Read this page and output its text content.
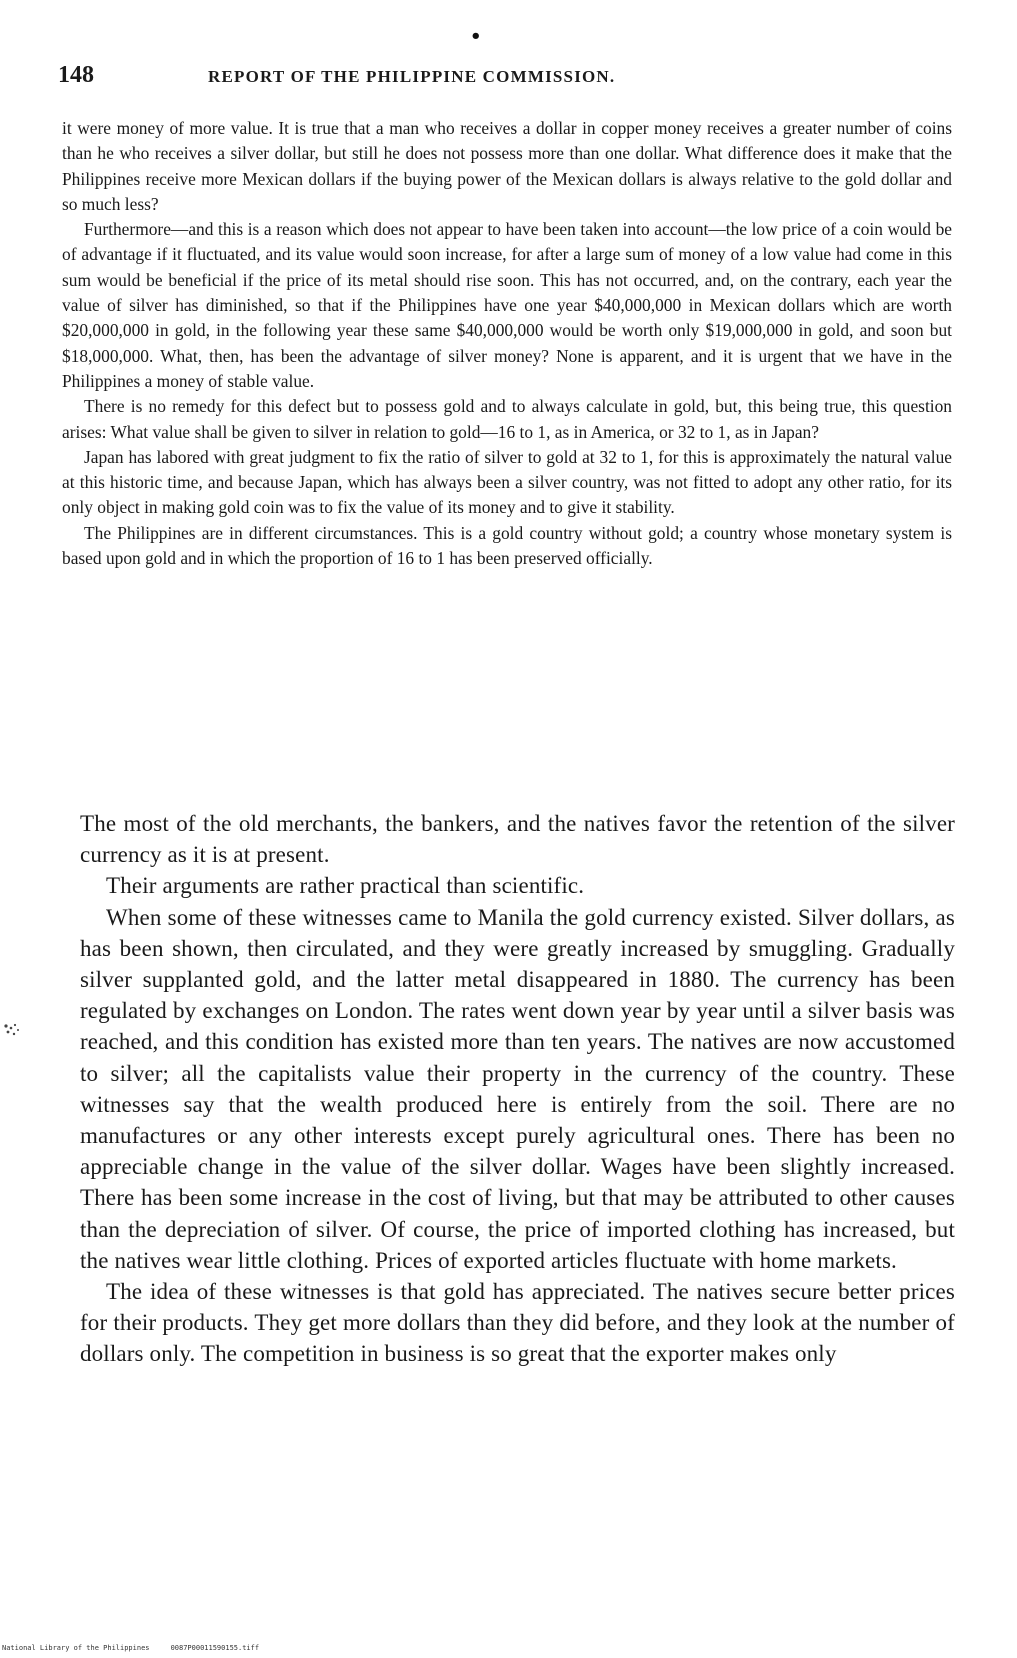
•
148	REPORT OF THE PHILIPPINE COMMISSION.

it were money of more value. It is true that a man who receives a dollar in copper money receives a greater number of coins than he who receives a silver dollar, but still he does not possess more than one dollar. What difference does it make that the Philippines receive more Mexican dollars if the buying power of the Mexican dollars is always relative to the gold dollar and so much less?

Furthermore—and this is a reason which does not appear to have been taken into account—the low price of a coin would be of advantage if it fluctuated, and its value would soon increase, for after a large sum of money of a low value had come in this sum would be beneficial if the price of its metal should rise soon. This has not occurred, and, on the contrary, each year the value of silver has diminished, so that if the Philippines have one year $40,000,000 in Mexican dollars which are worth $20,000,000 in gold, in the following year these same $40,000,000 would be worth only $19,000,000 in gold, and soon but $18,000,000. What, then, has been the advantage of silver money? None is apparent, and it is urgent that we have in the Philippines a money of stable value.

There is no remedy for this defect but to possess gold and to always calculate in gold, but, this being true, this question arises: What value shall be given to silver in relation to gold—16 to 1, as in America, or 32 to 1, as in Japan?

Japan has labored with great judgment to fix the ratio of silver to gold at 32 to 1, for this is approximately the natural value at this historic time, and because Japan, which has always been a silver country, was not fitted to adopt any other ratio, for its only object in making gold coin was to fix the value of its money and to give it stability.

The Philippines are in different circumstances. This is a gold country without gold; a country whose monetary system is based upon gold and in which the proportion of 16 to 1 has been preserved officially.

The most of the old merchants, the bankers, and the natives favor the retention of the silver currency as it is at present.

Their arguments are rather practical than scientific.

When some of these witnesses came to Manila the gold currency existed. Silver dollars, as has been shown, then circulated, and they were greatly increased by smuggling. Gradually silver supplanted gold, and the latter metal disappeared in 1880. The currency has been regulated by exchanges on London. The rates went down year by year until a silver basis was reached, and this condition has existed more than ten years. The natives are now accustomed to silver; all the capitalists value their property in the currency of the country. These witnesses say that the wealth produced here is entirely from the soil. There are no manufactures or any other interests except purely agricultural ones. There has been no appreciable change in the value of the silver dollar. Wages have been slightly increased. There has been some increase in the cost of living, but that may be attributed to other causes than the depreciation of silver. Of course, the price of imported clothing has increased, but the natives wear little clothing. Prices of exported articles fluctuate with home markets.

The idea of these witnesses is that gold has appreciated. The natives secure better prices for their products. They get more dollars than they did before, and they look at the number of dollars only. The competition in business is so great that the exporter makes only

National Library of the Philippines     0087P00011590155.tiff
